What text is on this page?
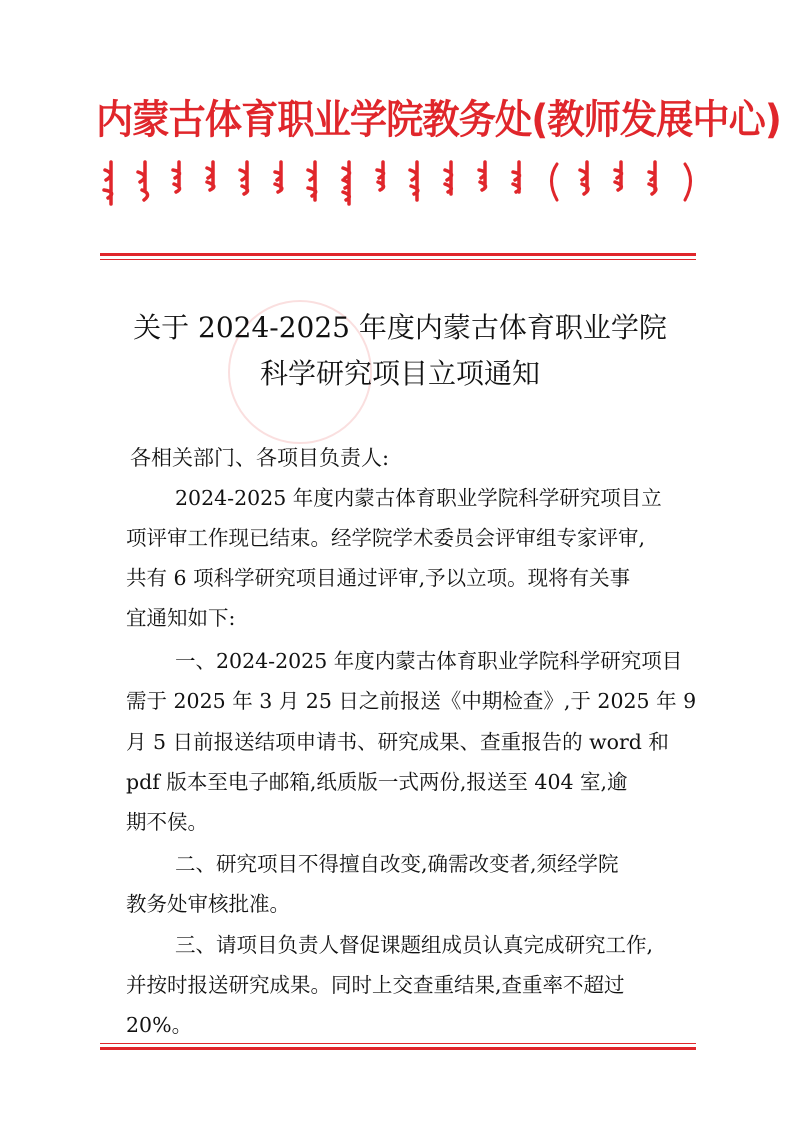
内蒙古体育职业学院教务处(教师发展中心)
关于 2024-2025 年度内蒙古体育职业学院
科学研究项目立项通知
各相关部门、各项目负责人:
2024-2025 年度内蒙古体育职业学院科学研究项目立
项评审工作现已结束。经学院学术委员会评审组专家评审,
共有 6 项科学研究项目通过评审,予以立项。现将有关事
宜通知如下:
一、2024-2025 年度内蒙古体育职业学院科学研究项目
需于 2025 年 3 月 25 日之前报送《中期检查》,于 2025 年 9
月 5 日前报送结项申请书、研究成果、查重报告的 word 和
pdf 版本至电子邮箱,纸质版一式两份,报送至 404 室,逾
期不侯。
二、研究项目不得擅自改变,确需改变者,须经学院
教务处审核批准。
三、请项目负责人督促课题组成员认真完成研究工作,
并按时报送研究成果。同时上交查重结果,查重率不超过
20%。
